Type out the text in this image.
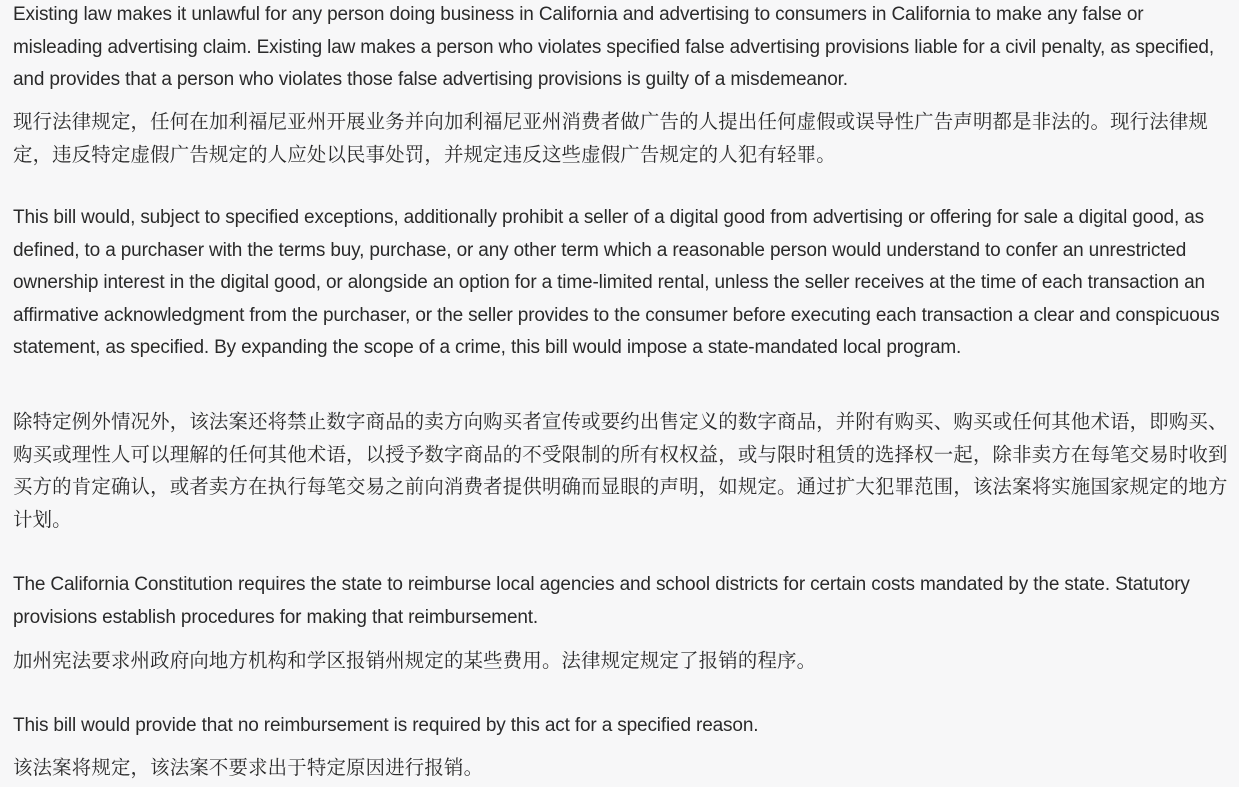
Existing law makes it unlawful for any person doing business in California and advertising to consumers in California to make any false or misleading advertising claim. Existing law makes a person who violates specified false advertising provisions liable for a civil penalty, as specified, and provides that a person who violates those false advertising provisions is guilty of a misdemeanor.

现行法律规定，任何在加利福尼亚州开展业务并向加利福尼亚州消费者做广告的人提出任何虚假或误导性广告声明都是非法的。现行法律规定，违反特定虚假广告规定的人应处以民事处罚，并规定违反这些虚假广告规定的人犯有轻罪。

This bill would, subject to specified exceptions, additionally prohibit a seller of a digital good from advertising or offering for sale a digital good, as defined, to a purchaser with the terms buy, purchase, or any other term which a reasonable person would understand to confer an unrestricted ownership interest in the digital good, or alongside an option for a time-limited rental, unless the seller receives at the time of each transaction an affirmative acknowledgment from the purchaser, or the seller provides to the consumer before executing each transaction a clear and conspicuous statement, as specified. By expanding the scope of a crime, this bill would impose a state-mandated local program.

除特定例外情况外，该法案还将禁止数字商品的卖方向购买者宣传或要约出售定义的数字商品，并附有购买、购买或任何其他术语，即购买、购买或理性人可以理解的任何其他术语，以授予数字商品的不受限制的所有权权益，或与限时租赁的选择权一起，除非卖方在每笔交易时收到买方的肯定确认，或者卖方在执行每笔交易之前向消费者提供明确而显眼的声明，如规定。通过扩大犯罪范围，该法案将实施国家规定的地方计划。

The California Constitution requires the state to reimburse local agencies and school districts for certain costs mandated by the state. Statutory provisions establish procedures for making that reimbursement.

加州宪法要求州政府向地方机构和学区报销州规定的某些费用。法律规定规定了报销的程序。

This bill would provide that no reimbursement is required by this act for a specified reason.

该法案将规定，该法案不要求出于特定原因进行报销。
